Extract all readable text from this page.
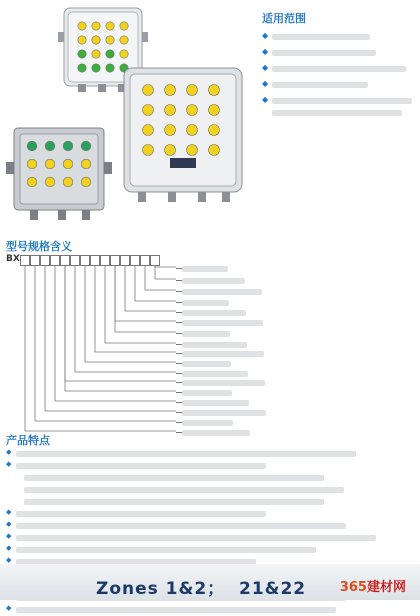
适用范围
◆
◆
◆
◆
◆
型号规格含义
BX
产品特点
◆
◆
◆
◆
◆
◆
◆
◆
Zones 1&2；  21&22	365建材网
